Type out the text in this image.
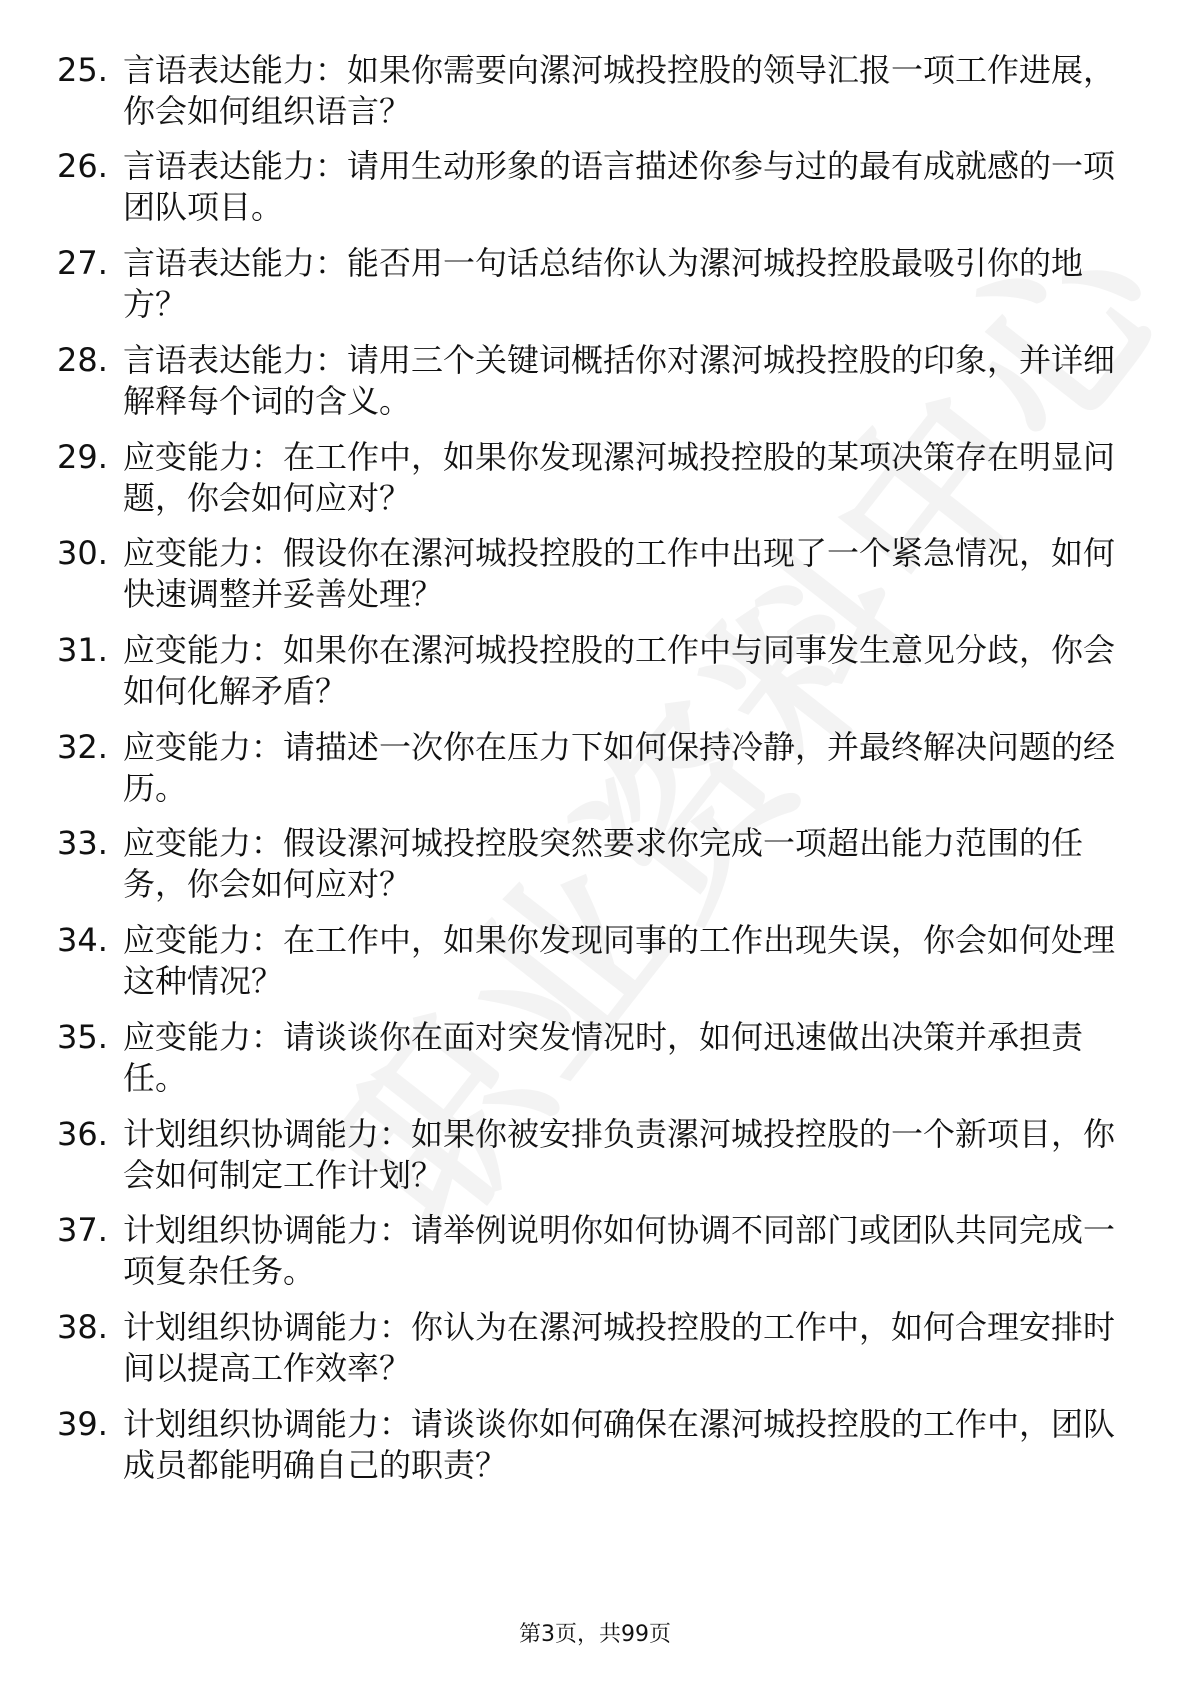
25. 言语表达能力：如果你需要向漯河城投控股的领导汇报一项工作进展，你会如何组织语言？
26. 言语表达能力：请用生动形象的语言描述你参与过的最有成就感的一项团队项目。
27. 言语表达能力：能否用一句话总结你认为漯河城投控股最吸引你的地方？
28. 言语表达能力：请用三个关键词概括你对漯河城投控股的印象，并详细解释每个词的含义。
29. 应变能力：在工作中，如果你发现漯河城投控股的某项决策存在明显问题，你会如何应对？
30. 应变能力：假设你在漯河城投控股的工作中出现了一个紧急情况，如何快速调整并妥善处理？
31. 应变能力：如果你在漯河城投控股的工作中与同事发生意见分歧，你会如何化解矛盾？
32. 应变能力：请描述一次你在压力下如何保持冷静，并最终解决问题的经历。
33. 应变能力：假设漯河城投控股突然要求你完成一项超出能力范围的任务，你会如何应对？
34. 应变能力：在工作中，如果你发现同事的工作出现失误，你会如何处理这种情况？
35. 应变能力：请谈谈你在面对突发情况时，如何迅速做出决策并承担责任。
36. 计划组织协调能力：如果你被安排负责漯河城投控股的一个新项目，你会如何制定工作计划？
37. 计划组织协调能力：请举例说明你如何协调不同部门或团队共同完成一项复杂任务。
38. 计划组织协调能力：你认为在漯河城投控股的工作中，如何合理安排时间以提高工作效率？
39. 计划组织协调能力：请谈谈你如何确保在漯河城投控股的工作中，团队成员都能明确自己的职责？
第3页，共99页
